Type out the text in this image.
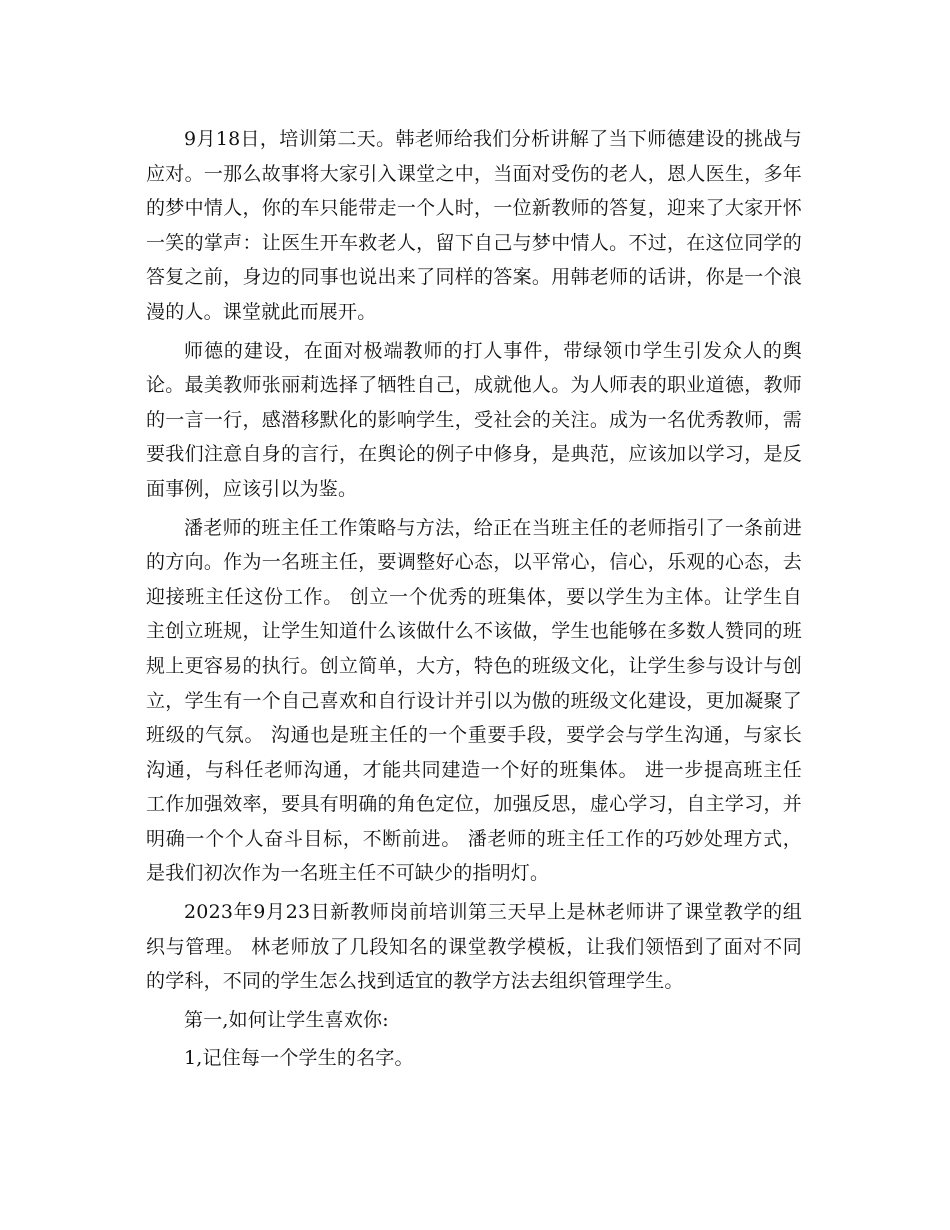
9月18日，培训第二天。韩老师给我们分析讲解了当下师德建设的挑战与应对。一那么故事将大家引入课堂之中，当面对受伤的老人，恩人医生，多年的梦中情人，你的车只能带走一个人时，一位新教师的答复，迎来了大家开怀一笑的掌声：让医生开车救老人，留下自己与梦中情人。不过，在这位同学的答复之前，身边的同事也说出来了同样的答案。用韩老师的话讲，你是一个浪漫的人。课堂就此而展开。

师德的建设，在面对极端教师的打人事件，带绿领巾学生引发众人的舆论。最美教师张丽莉选择了牺牲自己，成就他人。为人师表的职业道德，教师的一言一行，感潜移默化的影响学生，受社会的关注。成为一名优秀教师，需要我们注意自身的言行，在舆论的例子中修身，是典范，应该加以学习，是反面事例，应该引以为鉴。

潘老师的班主任工作策略与方法，给正在当班主任的老师指引了一条前进的方向。作为一名班主任，要调整好心态，以平常心，信心，乐观的心态，去迎接班主任这份工作。 创立一个优秀的班集体，要以学生为主体。让学生自主创立班规，让学生知道什么该做什么不该做，学生也能够在多数人赞同的班规上更容易的执行。创立简单，大方，特色的班级文化，让学生参与设计与创立，学生有一个自己喜欢和自行设计并引以为傲的班级文化建设，更加凝聚了班级的气氛。 沟通也是班主任的一个重要手段，要学会与学生沟通，与家长沟通，与科任老师沟通，才能共同建造一个好的班集体。 进一步提高班主任工作加强效率，要具有明确的角色定位，加强反思，虚心学习，自主学习，并明确一个个人奋斗目标，不断前进。 潘老师的班主任工作的巧妙处理方式，是我们初次作为一名班主任不可缺少的指明灯。

2023年9月23日新教师岗前培训第三天早上是林老师讲了课堂教学的组织与管理。 林老师放了几段知名的课堂教学模板，让我们领悟到了面对不同的学科，不同的学生怎么找到适宜的教学方法去组织管理学生。

第一,如何让学生喜欢你:

1,记住每一个学生的名字。
